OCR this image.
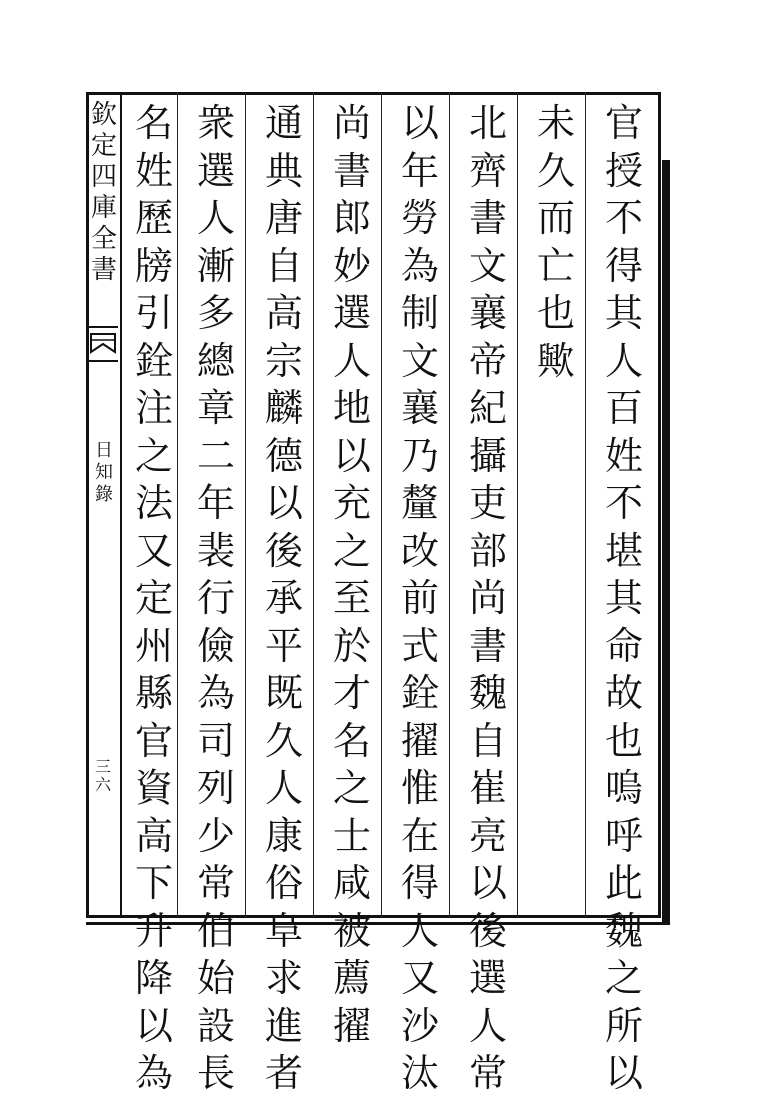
欽
定
四
庫
全
書
日
知
錄
三
六
官
授
不
得
其
人
百
姓
不
堪
其
命
故
也
嗚
呼
此
魏
之
所
以
未
久
而
亡
也
歟
北
齊
書
文
襄
帝
紀
攝
吏
部
尚
書
魏
自
崔
亮
以
後
選
人
常
以
年
勞
為
制
文
襄
乃
釐
改
前
式
銓
擢
惟
在
得
人
又
沙
汰
尚
書
郎
妙
選
人
地
以
充
之
至
於
才
名
之
士
咸
被
薦
擢
通
典
唐
自
高
宗
麟
德
以
後
承
平
既
久
人
康
俗
阜
求
進
者
衆
選
人
漸
多
總
章
二
年
裴
行
儉
為
司
列
少
常
伯
始
設
長
名
姓
歷
牓
引
銓
注
之
法
又
定
州
縣
官
資
高
下
升
降
以
為
